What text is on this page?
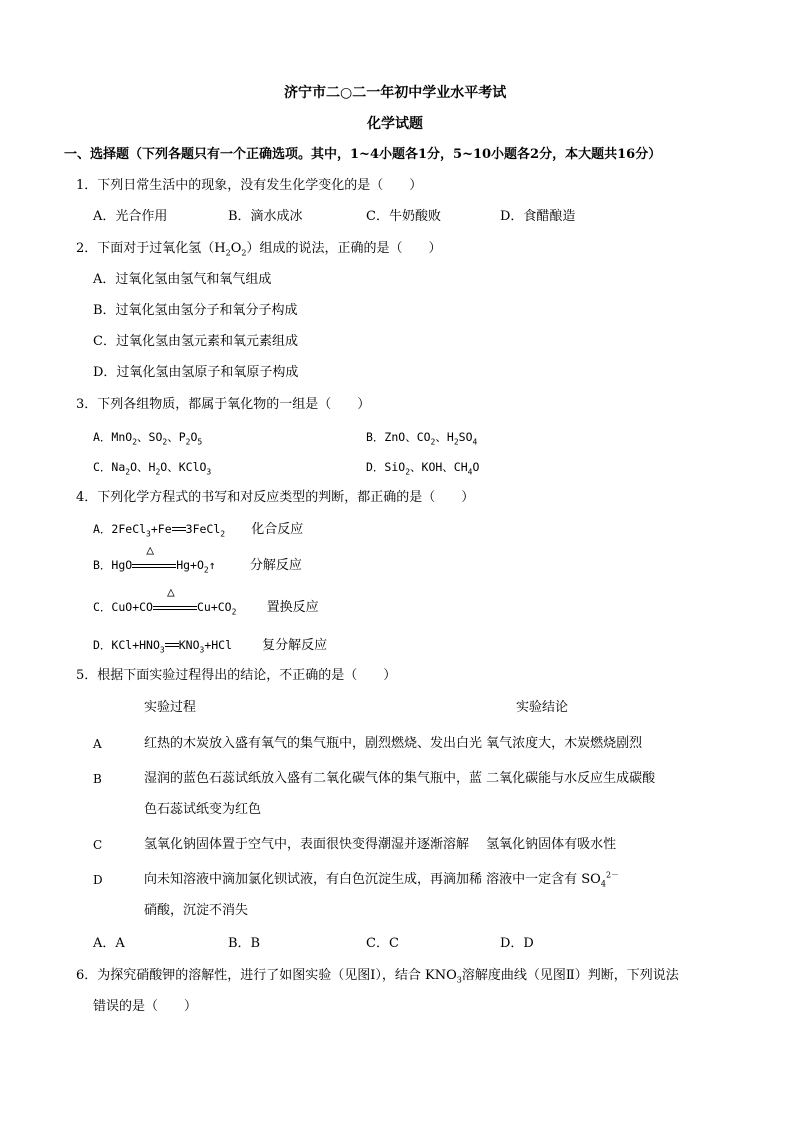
济宁市二○二一年初中学业水平考试
化学试题
一、选择题（下列各题只有一个正确选项。其中，1~4小题各1分，5~10小题各2分，本大题共16分）
1．下列日常生活中的现象，没有发生化学变化的是（　　）
A．光合作用	B．滴水成冰	C．牛奶酸败	D．食醋酿造
2．下面对于过氧化氢$(H_2O_2)$组成的说法，正确的是（　　）
A．过氧化氢由氢气和氧气组成
B．过氧化氢由氢分子和氧分子构成
C．过氧化氢由氢元素和氧元素组成
D．过氧化氢由氢原子和氧原子构成
3．下列各组物质，都属于氧化物的一组是（　　）
A．MnO$_2$、$SO_2$、$P_2O_5$	B．ZnO、$CO_2$、$H_2SO_4$
C．$Na_2O$、$H_2O$、KClO$_3$	D．SiO$_2$、KOH、$CH_4O$
4．下列化学方程式的书写和对反应类型的判断，都正确的是（　　）
A．2FeCl$_3$+Fe 3FeCl$_2$ 化合反应
B．HgO
△
$Hg+O_2↑$	分解反应
C．CuO+CO
△
$Cu+CO_2$ 置换反应
D．$KCl+HNO_3$ $KNO_3+HCl$ 复分解反应
5．根据下面实验过程得出的结论，不正确的是（　　）
实验过程	实验结论
A	红热的木炭放入盛有氧气的集气瓶中，剧烈燃烧、发出白光 氧气浓度大，木炭燃烧剧烈
B	湿润的蓝色石蕊试纸放入盛有二氧化碳气体的集气瓶中，蓝 二氧化碳能与水反应生成碳酸
色石蕊试纸变为红色
C	氢氧化钠固体置于空气中，表面很快变得潮湿并逐渐溶解　 氢氧化钠固体有吸水性
D	向未知溶液中滴加氯化钡试液，有白色沉淀生成，再滴加稀 溶液中一定含有 $SO_4^{2-}$
硝酸，沉淀不消失
A．A	B．B	C．C	D．D
6．为探究硝酸钾的溶解性，进行了如图实验（见图Ⅰ），结合 $KNO_3$溶解度曲线（见图Ⅱ）判断，下列说法
错误的是（　　）
